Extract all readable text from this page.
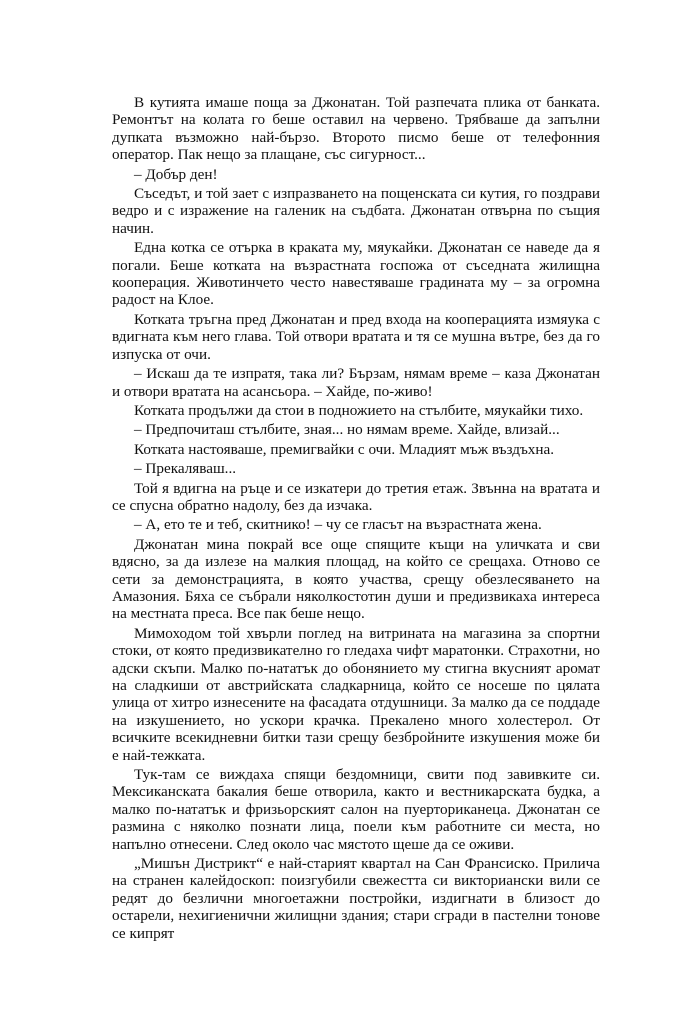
В кутията имаше поща за Джонатан. Той разпечата плика от банката. Ремонтът на колата го беше оставил на червено. Трябваше да запълни дупката възможно най-бързо. Второто писмо беше от телефонния оператор. Пак нещо за плащане, със сигурност...

– Добър ден!

Съседът, и той зает с изпразването на пощенската си кутия, го поздрави ведро и с изражение на галеник на съдбата. Джонатан отвърна по същия начин.

Една котка се отърка в краката му, мяукайки. Джонатан се наведе да я погали. Беше котката на възрастната госпожа от съседната жилищна кооперация. Животинчето често навестяваше градината му – за огромна радост на Клое.

Котката тръгна пред Джонатан и пред входа на кооперацията измяука с вдигната към него глава. Той отвори вратата и тя се мушна вътре, без да го изпуска от очи.

– Искаш да те изпратя, така ли? Бързам, нямам време – каза Джонатан и отвори вратата на асансьора. – Хайде, по-живо!

Котката продължи да стои в подножието на стълбите, мяукайки тихо.

– Предпочиташ стълбите, зная... но нямам време. Хайде, влизай...

Котката настояваше, премигвайки с очи. Младият мъж въздъхна.

– Прекаляваш...

Той я вдигна на ръце и се изкатери до третия етаж. Звънна на вратата и се спусна обратно надолу, без да изчака.

– А, ето те и теб, скитнико! – чу се гласът на възрастната жена.

Джонатан мина покрай все още спящите къщи на уличката и сви вдясно, за да излезе на малкия площад, на който се срещаха. Отново се сети за демонстрацията, в която участва, срещу обезлесяването на Амазония. Бяха се събрали няколкостотин души и предизвикаха интереса на местната преса. Все пак беше нещо.

Мимоходом той хвърли поглед на витрината на магазина за спортни стоки, от която предизвикателно го гледаха чифт маратонки. Страхотни, но адски скъпи. Малко по-нататък до обонянието му стигна вкусният аромат на сладкиши от австрийската сладкарница, който се носеше по цялата улица от хитро изнесените на фасадата отдушници. За малко да се поддаде на изкушението, но ускори крачка. Прекалено много холестерол. От всичките всекидневни битки тази срещу безбройните изкушения може би е най-тежката.

Тук-там се виждаха спящи бездомници, свити под завивките си. Мексиканската бакалия беше отворила, както и вестникарската будка, а малко по-нататък и фризьорският салон на пуерториканеца. Джонатан се размина с няколко познати лица, поели към работните си места, но напълно отнесени. След около час мястото щеше да се оживи.

„Мишън Дистрикт“ е най-старият квартал на Сан Франсиско. Прилича на странен калейдоскоп: поизгубили свежестта си викториански вили се редят до безлични многоетажни постройки, издигнати в близост до остарели, нехигиенични жилищни здания; стари сгради в пастелни тонове се кипрят
